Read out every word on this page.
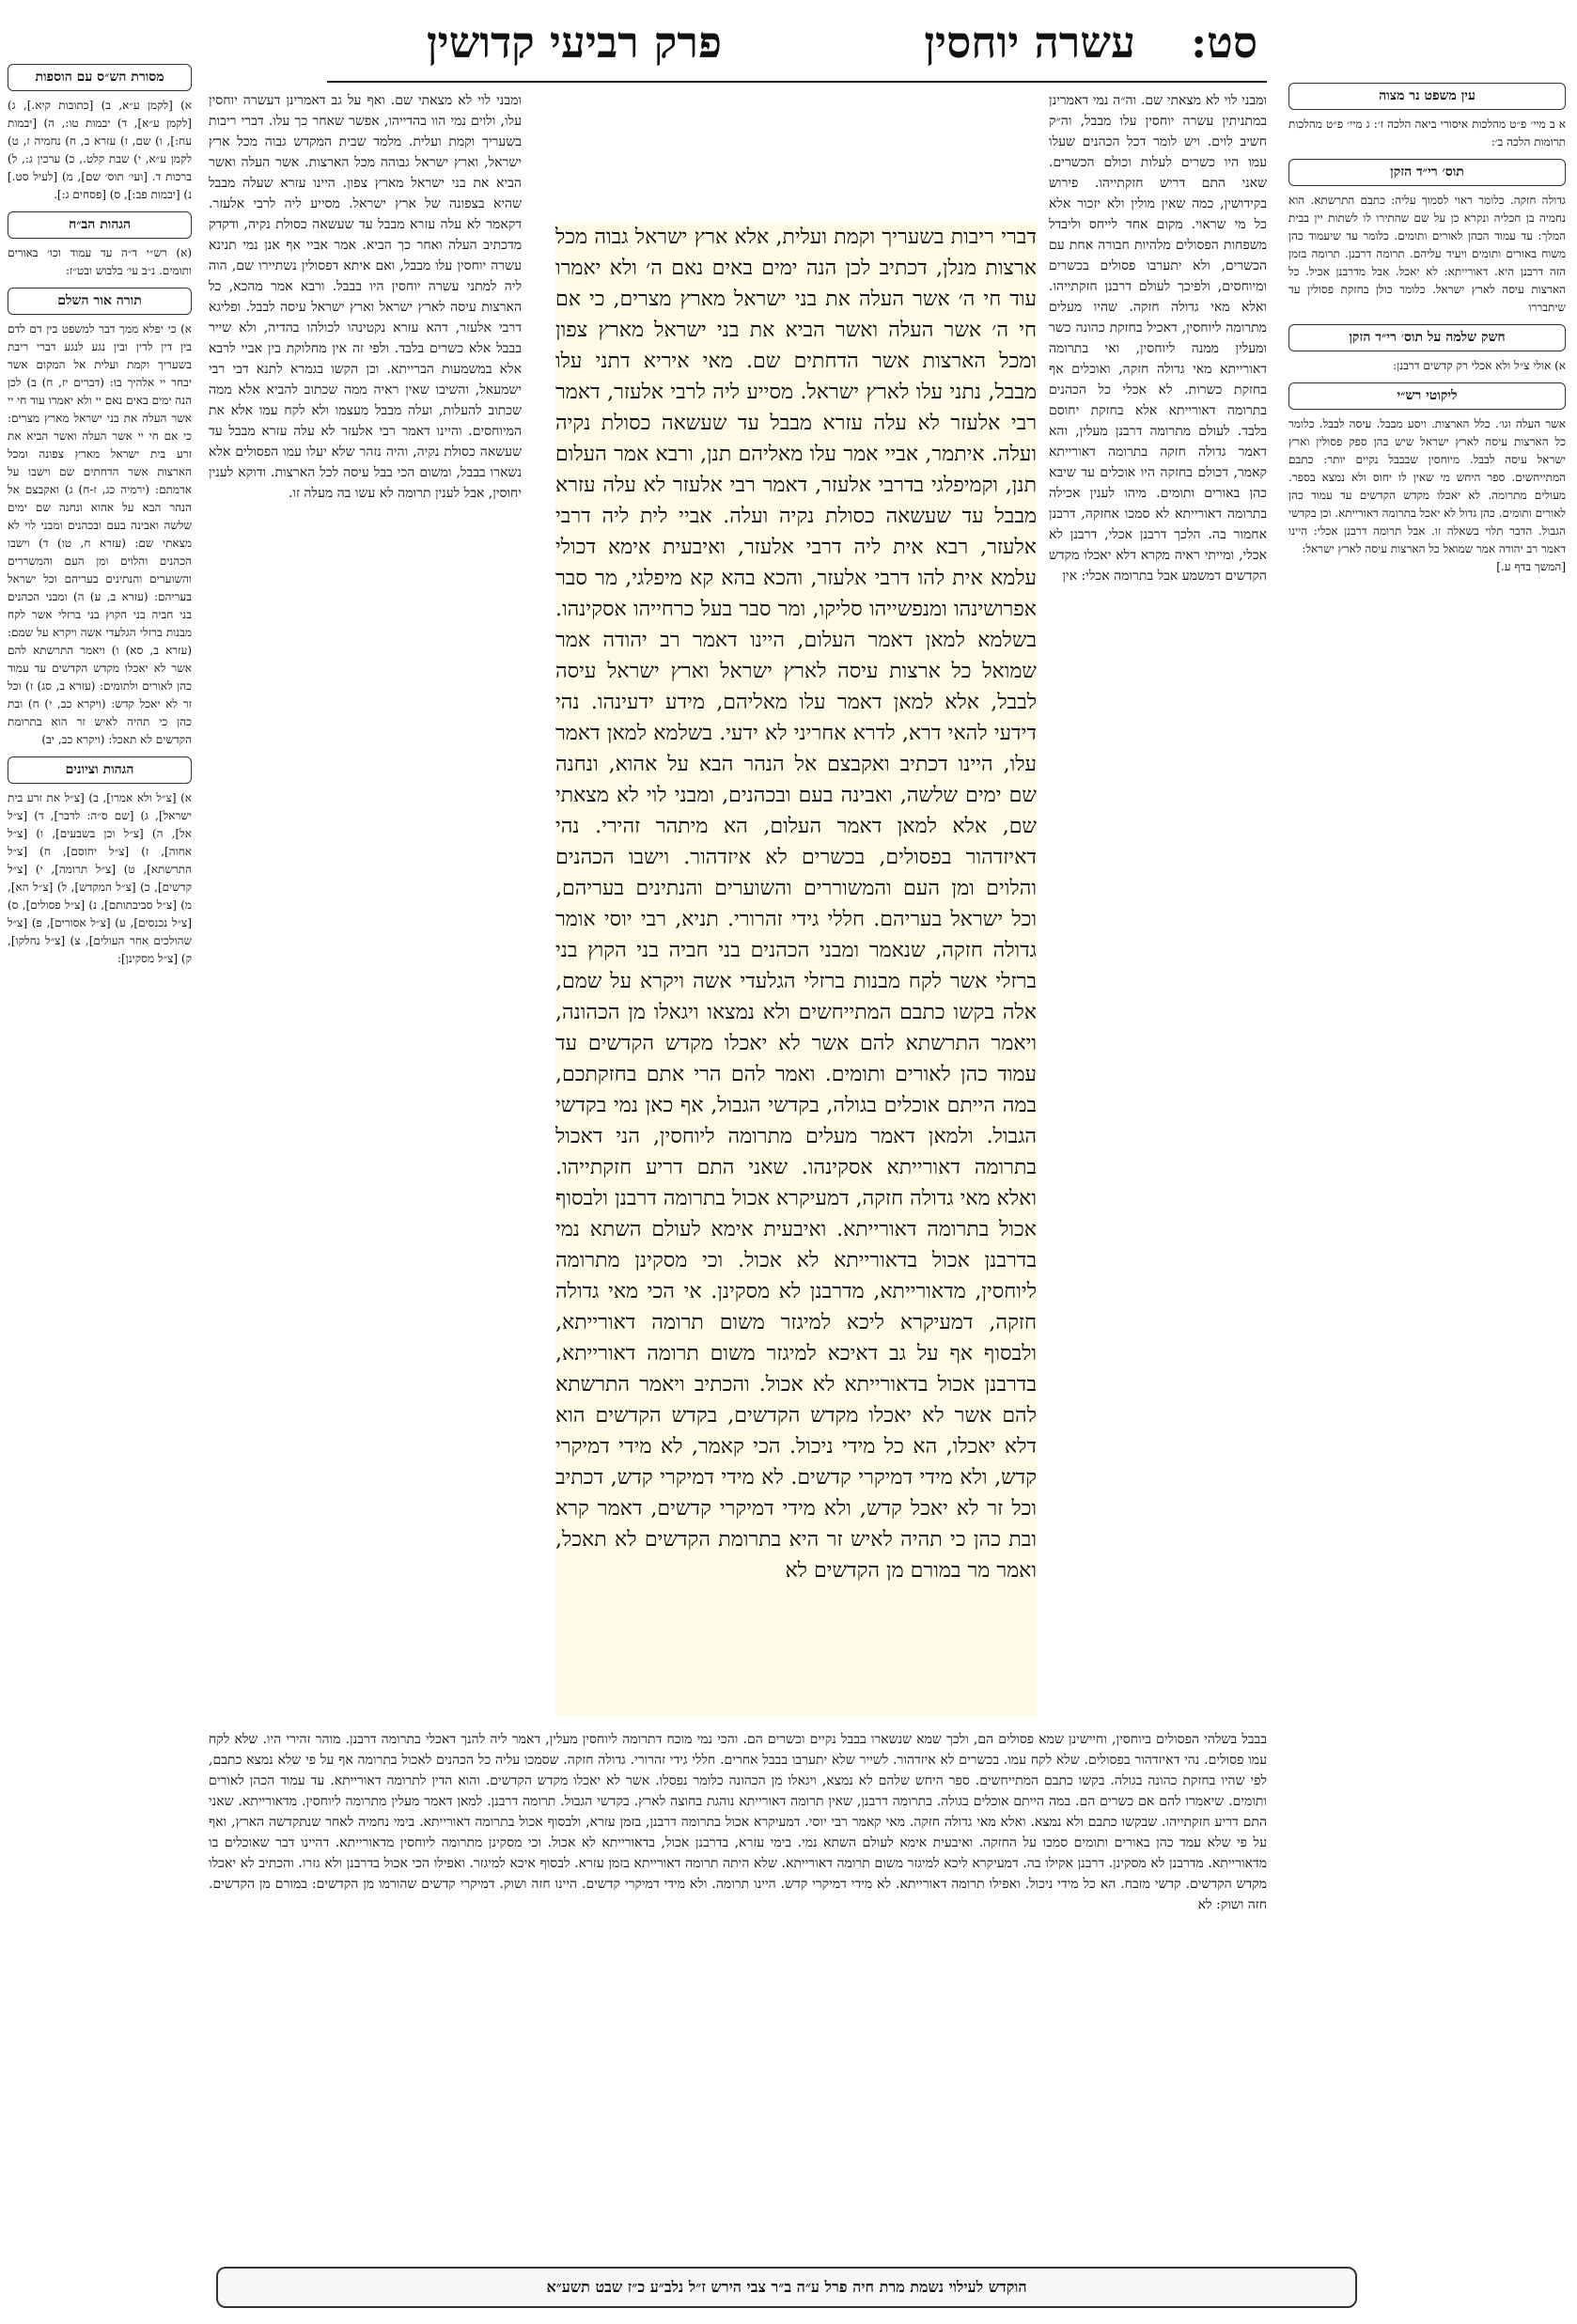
סט:
עשרה יוחסין
פרק רביעי קדושין
עין משפט נר מצוה

א ב מיי׳ פ״ט מהלכות איסורי ביאה הלכה ז׳: ג מיי׳ פ״ט מהלכות תרומות הלכה ב׳:

תוס׳ רי״ד הזקן

גדולה חזקה. כלומר ראוי לסמוך עליה: כתבם התרשתא. הוא נחמיה בן חכליה ונקרא כן על שם שהתירו לו לשתות יין בבית המלך: עד עמוד הכהן לאורים ותומים. כלומר עד שיעמוד כהן משוח באורים ותומים ויעיד עליהם. תרומה דרבנן. תרומה בזמן הזה דרבנן היא. דאורייתא: לא יאכל. אבל מדרבנן אכיל. כל הארצות עיסה לארץ ישראל. כלומר כולן בחזקת פסולין עד שיתבררו

חשק שלמה על תוס׳ רי״ד הזקן

א) אולי צ״ל ולא אכלי רק קדשים דרבנן:

ליקוטי רש״י

אשר העלה וגו׳. כלל הארצות. ויסע מבבל. עיסה לבבל. כלומר כל הארצות עיסה לארץ ישראל שיש בהן ספק פסולין וארץ ישראל עיסה לבבל. מיוחסין שבבבל נקיים יותר: כתבם המתייחשים. ספר היחש מי שאין לו יחוס ולא נמצא בספר. מעולים מתרומה. לא יאכלו מקדש הקדשים עד עמוד כהן לאורים ותומים. כהן גדול לא יאכל בתרומה דאורייתא. וכן בקדשי הגבול. הדבר תלוי בשאלה זו. אבל תרומה דרבנן אכלי: היינו דאמר רב יהודה אמר שמואל כל הארצות עיסה לארץ ישראל:

[המשך בדף ע.]

מסורת הש״ס עם הוספות

א) [לקמן ע״א, ב) [כתובות קיא.], ג) [לקמן ע״א], ד) יבמות טו:, ה) [יבמות עח:], ו) שם, ז) עזרא ב, ח) נחמיה ז, ט) לקמן ע״א, י) שבת קלט., כ) ערכין ג:, ל) ברכות ד. [ועי׳ תוס׳ שם], מ) [לעיל סט.] נ) [יבמות פב:], ס) [פסחים ג:].

הגהות הב״ח

(א) רש״י ד״ה עד עמוד וכו׳ באורים ותומים. נ״ב עי׳ בלבוש ובט״ז:

תורה אור השלם

א) כי יפלא ממך דבר למשפט בין דם לדם בין דין לדין ובין נגע לנגע דברי ריבת בשעריך וקמת ועלית אל המקום אשר יבחר יי אלהיך בו: (דברים יז, ח) ב) לכן הנה ימים באים נאם יי ולא יאמרו עוד חי יי אשר העלה את בני ישראל מארץ מצרים: כי אם חי יי אשר העלה ואשר הביא את זרע בית ישראל מארץ צפונה ומכל הארצות אשר הדחתים שם וישבו על אדמתם: (ירמיה כג, ז-ח) ג) ואקבצם אל הנהר הבא על אהוא ונחנה שם ימים שלשה ואבינה בעם ובכהנים ומבני לוי לא מצאתי שם: (עזרא ח, טו) ד) וישבו הכהנים והלוים ומן העם והמשררים והשוערים והנתינים בעריהם וכל ישראל בעריהם: (עזרא ב, ע) ה) ומבני הכהנים בני חביה בני הקוץ בני ברזלי אשר לקח מבנות ברזלי הגלעדי אשה ויקרא על שמם: (עזרא ב, סא) ו) ויאמר התרשתא להם אשר לא יאכלו מקדש הקדשים עד עמוד כהן לאורים ולתומים: (עזרא ב, סג) ז) וכל זר לא יאכל קדש: (ויקרא כב, י) ח) ובת כהן כי תהיה לאיש זר הוא בתרומת הקדשים לא תאכל: (ויקרא כב, יב)

הגהות וציונים

א) [צ״ל ולא אמרו], ב) [צ״ל את זרע בית ישראל], ג) [שם ס״ה: לדבר], ד) [צ״ל אל], ה) [צ״ל וכן בשבעים], ו) [צ״ל אחוה], ז) [צ״ל יחוסם], ח) [צ״ל התרשתא], ט) [צ״ל תרומה], י) [צ״ל קדשים], כ) [צ״ל המקדש], ל) [צ״ל הא], מ) [צ״ל סביבתותם], נ) [צ״ל פסולים], ס) [צ״ל נכנסים], ע) [צ״ל אסורים], פ) [צ״ל שהולכים אחר העולים], צ) [צ״ל נחלקו], ק) [צ״ל מסקינן]:

ומבני לוי לא מצאתי שם. וה״ה נמי דאמרינן במתניתין עשרה יוחסין עלו מבבל, וה״ק חשיב לוים. ויש לומר דכל הכהנים שעלו עמו היו כשרים לעלות וכולם הכשרים. שאני התם דריש חזקתייהו. פירוש בקידושין, כמה שאין מולין ולא יזכור אלא כל מי שראוי. מקום אחד לייחס וליבדל משפחות הפסולים מלהיות חבורה אחת עם הכשרים, ולא יתערבו פסולים בכשרים ומיוחסים, ולפיכך לעולם דרבנן חזקתייהו. ואלא מאי גדולה חזקה. שהיו מעלים מתרומה ליוחסין, דאכיל בחזקת כהונה כשר ומעלין ממנה ליוחסין, ואי בתרומה דאורייתא מאי גדולה חזקה, ואוכלים אף בחזקת כשרות. לא אכלי כל הכהנים בתרומה דאורייתא אלא בחזקת יחוסם בלבד. לעולם מתרומה דרבנן מעלין, והא דאמר גדולה חזקה בתרומה דאורייתא קאמר, דכולם בחזקה היו אוכלים עד שיבא כהן באורים ותומים. מיהו לענין אכילה בתרומה דאורייתא לא סמכו אחזקה, דרבנן אחמור בה. הלכך דרבנן אכלי, דרבנן לא אכלי, ומייתי ראיה מקרא דלא יאכלו מקדש הקדשים דמשמע אבל בתרומה אכלי: אין
ומבני לוי לא מצאתי שם. ואף על גב דאמרינן דעשרה יוחסין עלו, ולוים נמי הוו בהדייהו, אפשר שאחר כך עלו. דברי ריבות בשעריך וקמת ועלית. מלמד שבית המקדש גבוה מכל ארץ ישראל, וארץ ישראל גבוהה מכל הארצות. אשר העלה ואשר הביא את בני ישראל מארץ צפון. היינו עזרא שעלה מבבל שהיא בצפונה של ארץ ישראל. מסייע ליה לרבי אלעזר. דקאמר לא עלה עזרא מבבל עד שעשאה כסולת נקיה, ודקדק מדכתיב העלה ואחר כך הביא. אמר אביי אף אנן נמי תנינא עשרה יוחסין עלו מבבל, ואם איתא דפסולין נשתיירו שם, הוה ליה למתני עשרה יוחסין היו בבבל. ורבא אמר מהכא, כל הארצות עיסה לארץ ישראל וארץ ישראל עיסה לבבל. ופליגא דרבי אלעזר, דהא עזרא נקטינהו לכולהו בהדיה, ולא שייר בבבל אלא כשרים בלבד. ולפי זה אין מחלוקת בין אביי לרבא אלא במשמעות הברייתא. וכן הקשו בגמרא לתנא דבי רבי ישמעאל, והשיבו שאין ראיה ממה שכתוב להביא אלא ממה שכתוב להעלות, ועלה מבבל מעצמו ולא לקח עמו אלא את המיוחסים. והיינו דאמר רבי אלעזר לא עלה עזרא מבבל עד שעשאה כסולת נקיה, והיה נזהר שלא יעלו עמו הפסולים אלא נשארו בבבל, ומשום הכי בבל עיסה לכל הארצות. ודוקא לענין יחוסין, אבל לענין תרומה לא עשו בה מעלה זו.
דברי ריבות בשעריך וקמת ועלית, אלא ארץ ישראל גבוה מכל ארצות מנלן, דכתיב לכן הנה ימים באים נאם ה׳ ולא יאמרו עוד חי ה׳ אשר העלה את בני ישראל מארץ מצרים, כי אם חי ה׳ אשר העלה ואשר הביא את בני ישראל מארץ צפון ומכל הארצות אשר הדחתים שם. מאי איריא דתני עלו מבבל, נתני עלו לארץ ישראל. מסייע ליה לרבי אלעזר, דאמר רבי אלעזר לא עלה עזרא מבבל עד שעשאה כסולת נקיה ועלה. איתמר, אביי אמר עלו מאליהם תנן, ורבא אמר העלום תנן, וקמיפלגי בדרבי אלעזר, דאמר רבי אלעזר לא עלה עזרא מבבל עד שעשאה כסולת נקיה ועלה. אביי לית ליה דרבי אלעזר, רבא אית ליה דרבי אלעזר, ואיבעית אימא דכולי עלמא אית להו דרבי אלעזר, והכא בהא קא מיפלגי, מר סבר אפרושינהו ומנפשייהו סליקו, ומר סבר בעל כרחייהו אסקינהו. בשלמא למאן דאמר העלום, היינו דאמר רב יהודה אמר שמואל כל ארצות עיסה לארץ ישראל וארץ ישראל עיסה לבבל, אלא למאן דאמר עלו מאליהם, מידע ידעינהו. נהי דידעי להאי דרא, לדרא אחריני לא ידעי. בשלמא למאן דאמר עלו, היינו דכתיב ואקבצם אל הנהר הבא על אהוא, ונחנה שם ימים שלשה, ואבינה בעם ובכהנים, ומבני לוי לא מצאתי שם, אלא למאן דאמר העלום, הא מיתהר זהירי. נהי דאיזדהור בפסולים, בכשרים לא איזדהור. וישבו הכהנים והלוים ומן העם והמשוררים והשוערים והנתינים בעריהם, וכל ישראל בעריהם. חללי גידי זהרורי. תניא, רבי יוסי אומר גדולה חזקה, שנאמר ומבני הכהנים בני חביה בני הקוץ בני ברזלי אשר לקח מבנות ברזלי הגלעדי אשה ויקרא על שמם, אלה בקשו כתבם המתייחשים ולא נמצאו ויגאלו מן הכהונה, ויאמר התרשתא להם אשר לא יאכלו מקדש הקדשים עד עמוד כהן לאורים ותומים. ואמר להם הרי אתם בחזקתכם, במה הייתם אוכלים בגולה, בקדשי הגבול, אף כאן נמי בקדשי הגבול. ולמאן דאמר מעלים מתרומה ליוחסין, הני דאכול בתרומה דאורייתא אסקינהו. שאני התם דריע חזקתייהו. ואלא מאי גדולה חזקה, דמעיקרא אכול בתרומה דרבנן ולבסוף אכול בתרומה דאורייתא. ואיבעית אימא לעולם השתא נמי בדרבנן אכול בדאורייתא לא אכול. וכי מסקינן מתרומה ליוחסין, מדאורייתא, מדרבנן לא מסקינן. אי הכי מאי גדולה חזקה, דמעיקרא ליכא למיגזר משום תרומה דאורייתא, ולבסוף אף על גב דאיכא למיגזר משום תרומה דאורייתא, בדרבנן אכול בדאורייתא לא אכול. והכתיב ויאמר התרשתא להם אשר לא יאכלו מקדש הקדשים, בקדש הקדשים הוא דלא יאכלו, הא כל מידי ניכול. הכי קאמר, לא מידי דמיקרי קדש, ולא מידי דמיקרי קדשים. לא מידי דמיקרי קדש, דכתיב וכל זר לא יאכל קדש, ולא מידי דמיקרי קדשים, דאמר קרא ובת כהן כי תהיה לאיש זר היא בתרומת הקדשים לא תאכל, ואמר מר במורם מן הקדשים לא
בבבל בשלהי הפסולים ביוחסין, וחיישינן שמא פסולים הם, ולכך שמא שנשארו בבבל נקיים וכשרים הם. והכי נמי מוכח דתרומה ליוחסין מעלין, דאמר ליה להנך דאכלי בתרומה דרבנן. מוהר זהירי היו. שלא לקח עמו פסולים. נהי דאיזדהור בפסולים. שלא לקח עמו. בכשרים לא איזדהור. לשייר שלא יתערבו בבבל אחרים. חללי גידי זהרורי. גדולה חזקה. שסמכו עליה כל הכהנים לאכול בתרומה אף על פי שלא נמצא כתבם, לפי שהיו בחזקת כהונה בגולה. בקשו כתבם המתייחשים. ספר היחש שלהם לא נמצא, ויגאלו מן הכהונה כלומר נפסלו. אשר לא יאכלו מקדש הקדשים. והוא הדין לתרומה דאורייתא. עד עמוד הכהן לאורים ותומים. שיאמרו להם אם כשרים הם. במה הייתם אוכלים בגולה. בתרומה דרבנן, שאין תרומה דאורייתא נוהגת בחוצה לארץ. בקדשי הגבול. תרומה דרבנן. למאן דאמר מעלין מתרומה ליוחסין. מדאורייתא. שאני התם דריע חזקתייהו. שבקשו כתבם ולא נמצא. ואלא מאי גדולה חזקה. מאי קאמר רבי יוסי. דמעיקרא אכול בתרומה דרבנן, בזמן עזרא, ולבסוף אכול בתרומה דאורייתא. בימי נחמיה לאחר שנתקדשה הארץ, ואף על פי שלא עמד כהן באורים ותומים סמכו על החזקה. ואיבעית אימא לעולם השתא נמי. בימי עזרא, בדרבנן אכול, בדאורייתא לא אכול. וכי מסקינן מתרומה ליוחסין מדאורייתא. דהיינו דבר שאוכלים בו מדאורייתא. מדרבנן לא מסקינן. דרבנן אקילו בה. דמעיקרא ליכא למיגזר משום תרומה דאורייתא. שלא היתה תרומה דאורייתא בזמן עזרא. לבסוף איכא למיגזר. ואפילו הכי אכול בדרבנן ולא גזרו. והכתיב לא יאכלו מקדש הקדשים. קדשי מזבח. הא כל מידי ניכול. ואפילו תרומה דאורייתא. לא מידי דמיקרי קדש. היינו תרומה. ולא מידי דמיקרי קדשים. היינו חזה ושוק. דמיקרי קדשים שהורמו מן הקדשים: במורם מן הקדשים. חזה ושוק: לא
הוקדש לעילוי נשמת מרת חיה פרל ע״ה ב״ר צבי הירש ז״ל נלב״ע כ״ז שבט תשע״א
